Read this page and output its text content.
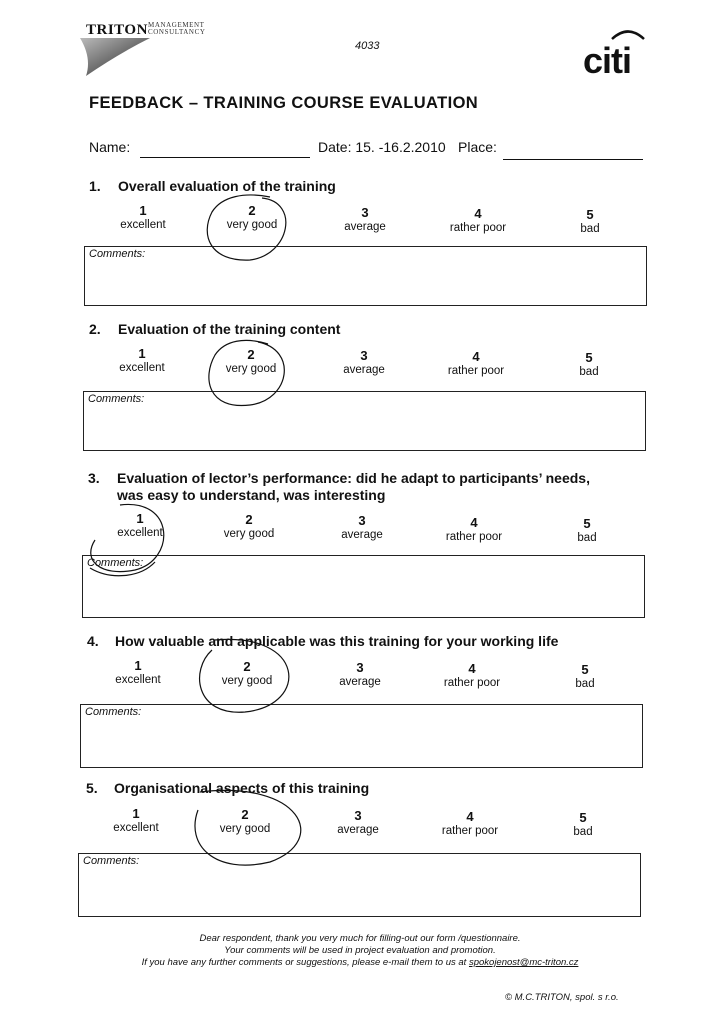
TRITON MANAGEMENT
CONSULTANCY
4033	citi
FEEDBACK – TRAINING COURSE EVALUATION
Name:	Date: 15. -16.2.2010 Place:
1. Overall evaluation of the training
1
excellent
2
very good
3
average
4
rather poor
5
bad
Comments:
2. Evaluation of the training content
1
excellent
2
very good
3
average
4
rather poor
5
bad
Comments:
3. Evaluation of lector’s performance: did he adapt to participants’ needs,
was easy to understand, was interesting
1
excellent
2
very good
3
average
4
rather poor
5
bad
Comments:
4. How valuable and applicable was this training for your working life
1
excellent
2
very good
3
average
4
rather poor
5
bad
Comments:
5. Organisational aspects of this training
1
excellent
2
very good
3
average
4
rather poor
5
bad
Comments:
Dear respondent, thank you very much for filling-out our form /questionnaire.
Your comments will be used in project evaluation and promotion.
If you have any further comments or suggestions, please e-mail them to us at spokojenost@mc-triton.cz
© M.C.TRITON, spol. s r.o.
